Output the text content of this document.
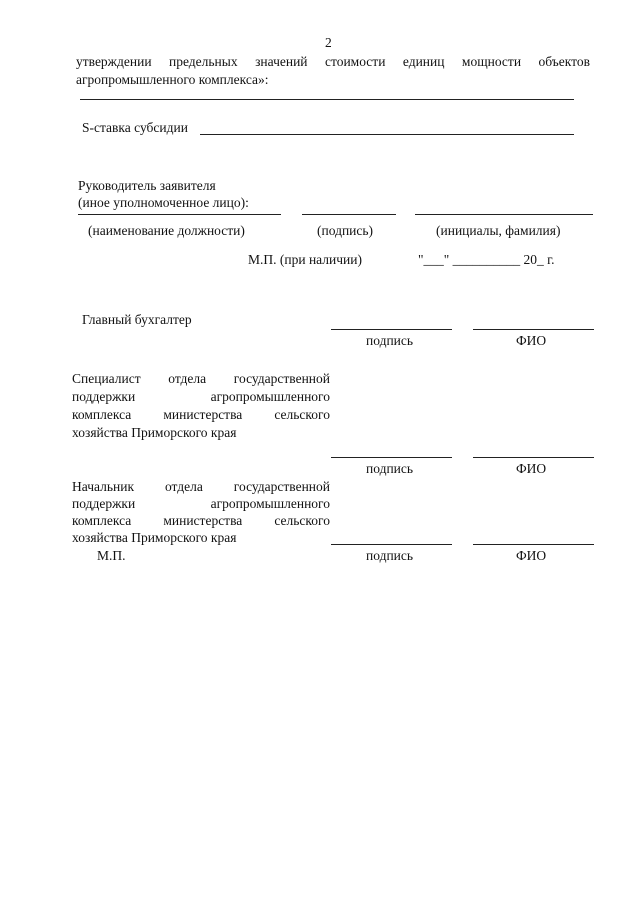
2
утверждении предельных значений стоимости единиц мощности объектов
агропромышленного комплекса»:
S-ставка субсидии
Руководитель заявителя
(иное уполномоченное лицо):
(наименование должности)	(подпись)	(инициалы, фамилия)
М.П. (при наличии)	"___" __________ 20_ г.
Главный бухгалтер
подпись	ФИО
Специалист отдела государственной
поддержки агропромышленного
комплекса министерства сельского
хозяйства Приморского края
подпись	ФИО
Начальник отдела государственной
поддержки агропромышленного
комплекса министерства сельского
хозяйства Приморского края
М.П.	подпись	ФИО
